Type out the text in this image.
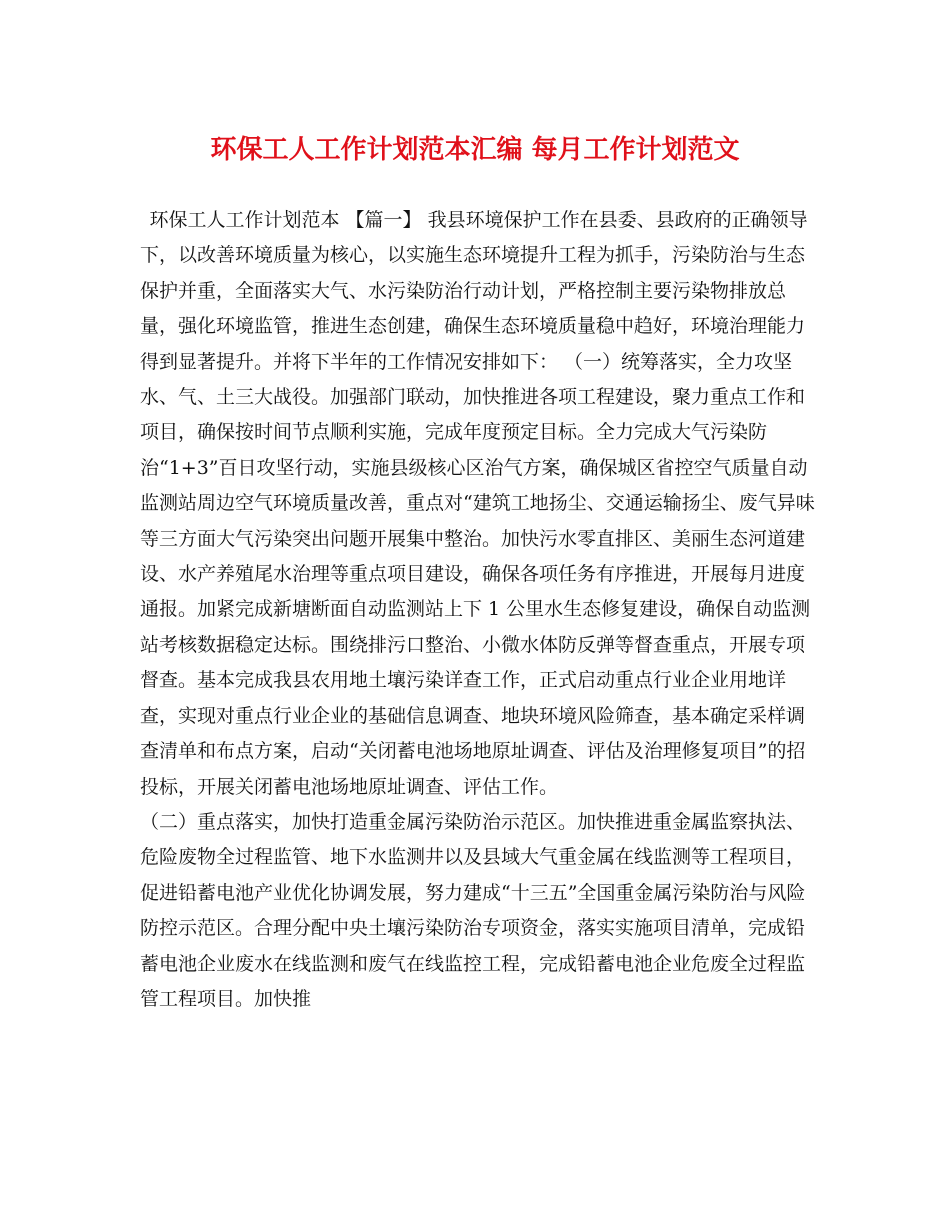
环保工人工作计划范本汇编 每月工作计划范文

环保工人工作计划范本 【篇一】 我县环境保护工作在县委、县政府的正确领导下，以改善环境质量为核心，以实施生态环境提升工程为抓手，污染防治与生态保护并重，全面落实大气、水污染防治行动计划，严格控制主要污染物排放总量，强化环境监管，推进生态创建，确保生态环境质量稳中趋好，环境治理能力得到显著提升。并将下半年的工作情况安排如下： （一）统筹落实，全力攻坚水、气、土三大战役。加强部门联动，加快推进各项工程建设，聚力重点工作和项目，确保按时间节点顺利实施，完成年度预定目标。全力完成大气污染防治“1+3”百日攻坚行动，实施县级核心区治气方案，确保城区省控空气质量自动监测站周边空气环境质量改善，重点对“建筑工地扬尘、交通运输扬尘、废气异味等三方面大气污染突出问题开展集中整治。加快污水零直排区、美丽生态河道建设、水产养殖尾水治理等重点项目建设，确保各项任务有序推进，开展每月进度通报。加紧完成新塘断面自动监测站上下 1 公里水生态修复建设，确保自动监测站考核数据稳定达标。围绕排污口整治、小微水体防反弹等督查重点，开展专项督查。基本完成我县农用地土壤污染详查工作，正式启动重点行业企业用地详查，实现对重点行业企业的基础信息调查、地块环境风险筛查，基本确定采样调查清单和布点方案，启动“关闭蓄电池场地原址调查、评估及治理修复项目”的招投标，开展关闭蓄电池场地原址调查、评估工作。

（二）重点落实，加快打造重金属污染防治示范区。加快推进重金属监察执法、危险废物全过程监管、地下水监测井以及县域大气重金属在线监测等工程项目，促进铅蓄电池产业优化协调发展，努力建成“十三五”全国重金属污染防治与风险防控示范区。合理分配中央土壤污染防治专项资金，落实实施项目清单，完成铅蓄电池企业废水在线监测和废气在线监控工程，完成铅蓄电池企业危废全过程监管工程项目。加快推
